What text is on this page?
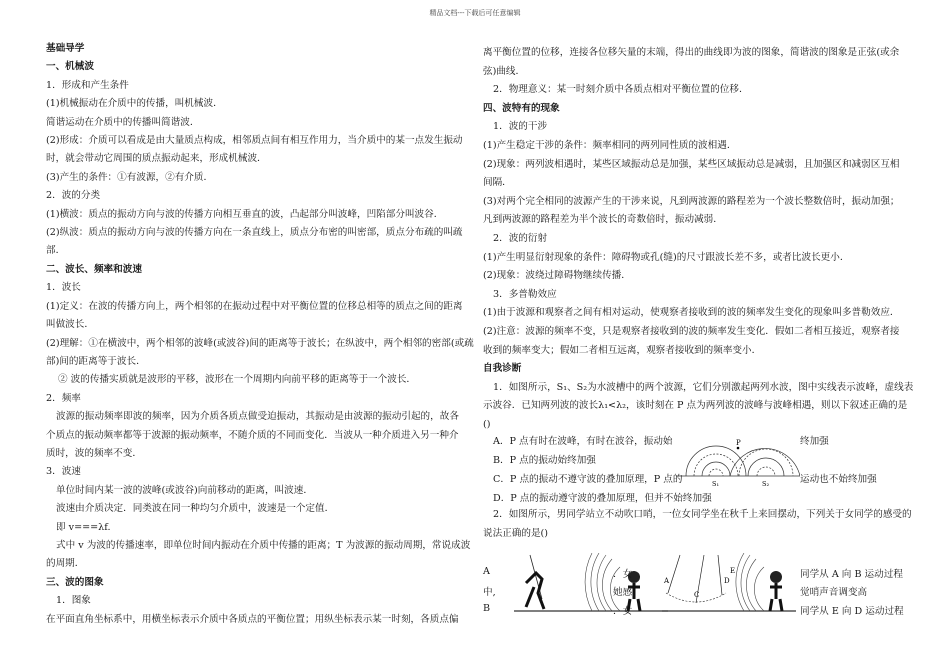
精品文档---下载后可任意编辑
基础导学
一、机械波
1．形成和产生条件
(1)机械振动在介质中的传播，叫机械波．
简谐运动在介质中的传播叫简谐波．
(2)形成：介质可以看成是由大量质点构成，相邻质点间有相互作用力，当介质中的某一点发生振动
时，就会带动它周围的质点振动起来，形成机械波．
(3)产生的条件：①有波源，②有介质．
2．波的分类
(1)横波：质点的振动方向与波的传播方向相互垂直的波，凸起部分叫波峰，凹陷部分叫波谷．
(2)纵波：质点的振动方向与波的传播方向在一条直线上，质点分布密的叫密部，质点分布疏的叫疏
部．
二、波长、频率和波速
1．波长
(1)定义：在波的传播方向上，两个相邻的在振动过程中对平衡位置的位移总相等的质点之间的距离
叫做波长．
(2)理解：①在横波中，两个相邻的波峰(或波谷)间的距离等于波长；在纵波中，两个相邻的密部(或疏
部)间的距离等于波长．
② 波的传播实质就是波形的平移，波形在一个周期内向前平移的距离等于一个波长．
2．频率
波源的振动频率即波的频率，因为介质各质点做受迫振动，其振动是由波源的振动引起的，故各
个质点的振动频率都等于波源的振动频率，不随介质的不同而变化．当波从一种介质进入另一种介
质时，波的频率不变．
3．波速
单位时间内某一波的波峰(或波谷)向前移动的距离，叫波速．
波速由介质决定．同类波在同一种均匀介质中，波速是一个定值．
即 v===λf.
式中 v 为波的传播速率，即单位时间内振动在介质中传播的距离；T 为波源的振动周期，常说成波
的周期．
三、波的图象
1．图象
在平面直角坐标系中，用横坐标表示介质中各质点的平衡位置；用纵坐标表示某一时刻，各质点偏
离平衡位置的位移，连接各位移矢量的末端，得出的曲线即为波的图象，简谐波的图象是正弦(或余
弦)曲线．
2．物理意义：某一时刻介质中各质点相对平衡位置的位移．
四、波特有的现象
1．波的干涉
(1)产生稳定干涉的条件：频率相同的两列同性质的波相遇．
(2)现象：两列波相遇时，某些区域振动总是加强，某些区域振动总是减弱，且加强区和减弱区互相
间隔．
(3)对两个完全相同的波源产生的干涉来说，凡到两波源的路程差为一个波长整数倍时，振动加强；
凡到两波源的路程差为半个波长的奇数倍时，振动减弱．
2．波的衍射
(1)产生明显衍射现象的条件：障碍物或孔(缝)的尺寸跟波长差不多，或者比波长更小．
(2)现象：波绕过障碍物继续传播．
3．多普勒效应
(1)由于波源和观察者之间有相对运动，使观察者接收到的波的频率发生变化的现象叫多普勒效应．
(2)注意：波源的频率不变，只是观察者接收到的波的频率发生变化．假如二者相互接近，观察者接
收到的频率变大；假如二者相互远离，观察者接收到的频率变小．
自我诊断
1．如图所示，S₁、S₂为水波槽中的两个波源，它们分别激起两列水波，图中实线表示波峰，虚线表
示波谷．已知两列波的波长λ₁<λ₂，该时刻在 P 点为两列波的波峰与波峰相遇，则以下叙述正确的是
()
A．P 点有时在波峰，有时在波谷，振动始	终加强
B．P 点的振动始终加强
C．P 点的振动不遵守波的叠加原理，P 点的	运动也不始终加强
D．P 点的振动遵守波的叠加原理，但并不始终加强
P
S₁	S₂
2．如图所示，男同学站立不动吹口哨，一位女同学坐在秋千上来回摆动，下列关于女同学的感受的
说法正确的是()
A
中,
B
．女
她感
．女
A
C
D
E	同学从 A 向 B 运动过程
觉哨声音调变高
同学从 E 向 D 运动过程
